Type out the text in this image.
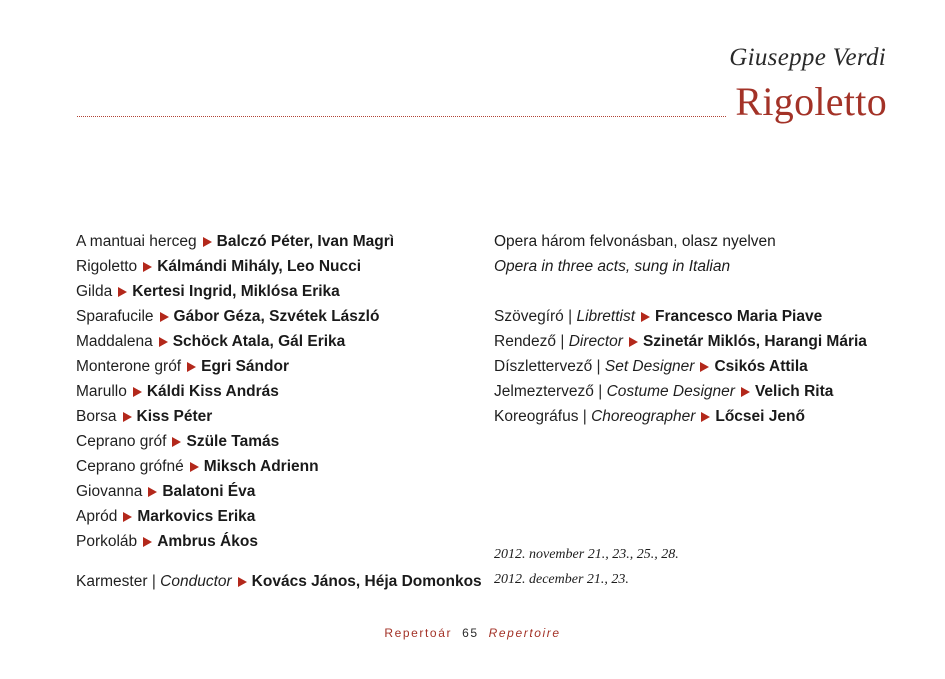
Giuseppe Verdi
Rigoletto
A mantuai herceg Balczó Péter, Ivan Magrì
Rigoletto Kálmándi Mihály, Leo Nucci
Gilda Kertesi Ingrid, Miklósa Erika
Sparafucile Gábor Géza, Szvétek László
Maddalena Schöck Atala, Gál Erika
Monterone gróf Egri Sándor
Marullo Káldi Kiss András
Borsa Kiss Péter
Ceprano gróf Szüle Tamás
Ceprano grófné Miksch Adrienn
Giovanna Balatoni Éva
Apród Markovics Erika
Porkoláb Ambrus Ákos
Karmester | Conductor Kovács János, Héja Domonkos
Opera három felvonásban, olasz nyelven
Opera in three acts, sung in Italian
Szövegíró | Librettist Francesco Maria Piave
Rendező | Director Szinetár Miklós, Harangi Mária
Díszlettervező | Set Designer Csikós Attila
Jelmeztervező | Costume Designer Velich Rita
Koreográfus | Choreographer Lőcsei Jenő
2012. november 21., 23., 25., 28.
2012. december 21., 23.
Repertoár 65 Repertoire
